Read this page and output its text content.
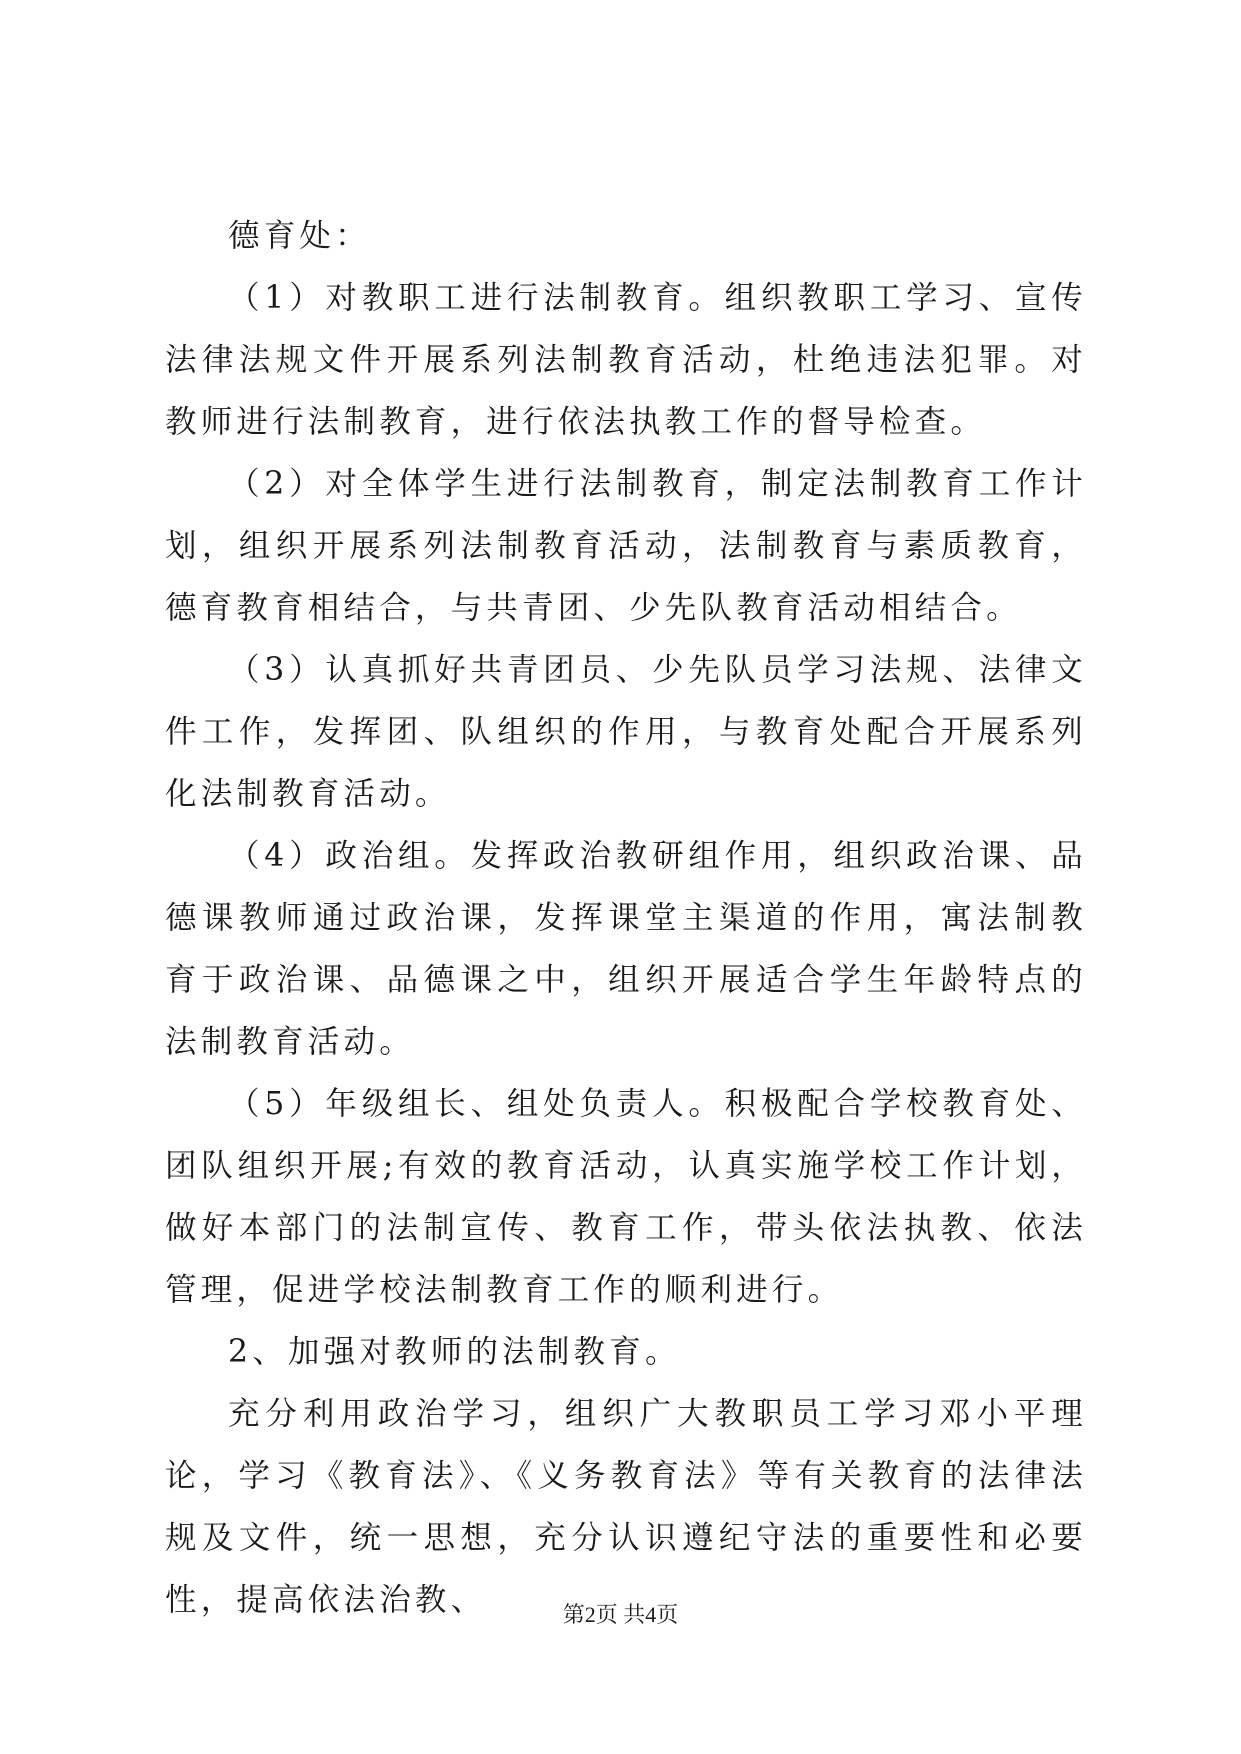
德育处：

（1）对教职工进行法制教育。组织教职工学习、宣传法律法规文件开展系列法制教育活动，杜绝违法犯罪。对教师进行法制教育，进行依法执教工作的督导检查。

（2）对全体学生进行法制教育，制定法制教育工作计划，组织开展系列法制教育活动，法制教育与素质教育，德育教育相结合，与共青团、少先队教育活动相结合。

（3）认真抓好共青团员、少先队员学习法规、法律文件工作，发挥团、队组织的作用，与教育处配合开展系列化法制教育活动。

（4）政治组。发挥政治教研组作用，组织政治课、品德课教师通过政治课，发挥课堂主渠道的作用，寓法制教育于政治课、品德课之中，组织开展适合学生年龄特点的法制教育活动。

（5）年级组长、组处负责人。积极配合学校教育处、团队组织开展;有效的教育活动，认真实施学校工作计划，做好本部门的法制宣传、教育工作，带头依法执教、依法管理，促进学校法制教育工作的顺利进行。

2、加强对教师的法制教育。

充分利用政治学习，组织广大教职员工学习邓小平理论，学习《教育法》、《义务教育法》等有关教育的法律法规及文件，统一思想，充分认识遵纪守法的重要性和必要性，提高依法治教、	第2页 共4页
